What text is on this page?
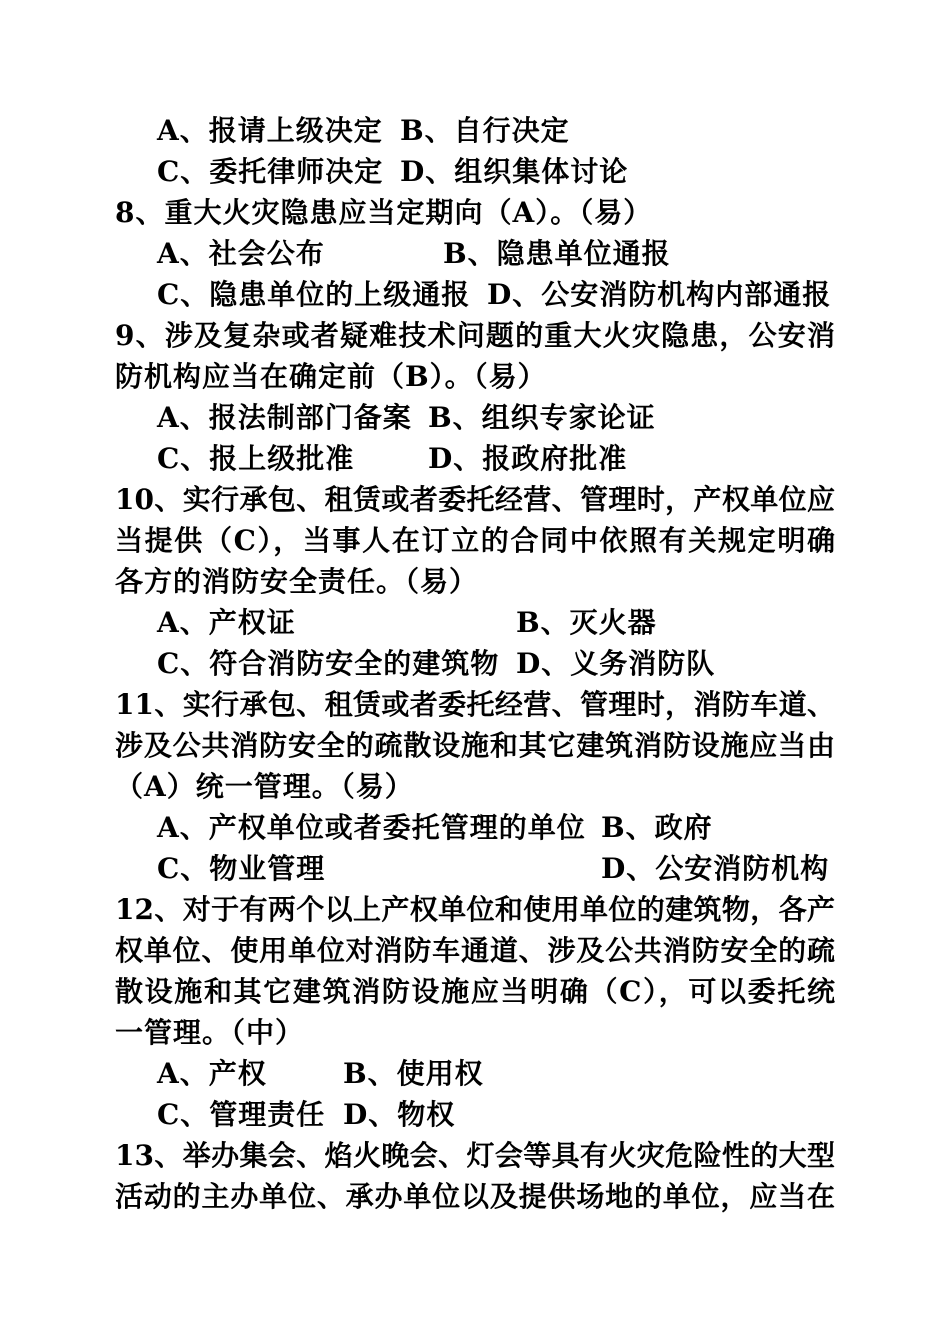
A、报请上级决定 B、自行决定
C、委托律师决定 D、组织集体讨论
8、重大火灾隐患应当定期向（A）。（易）
A、社会公布	B、隐患单位通报
C、隐患单位的上级通报 D、公安消防机构内部通报
9、涉及复杂或者疑难技术问题的重大火灾隐患，公安消
防机构应当在确定前（B）。（易）
A、报法制部门备案 B、组织专家论证
C、报上级批准	D、报政府批准
10、实行承包、租赁或者委托经营、管理时，产权单位应
当提供（C），当事人在订立的合同中依照有关规定明确
各方的消防安全责任。（易）
A、产权证	B、灭火器
C、符合消防安全的建筑物 D、义务消防队
11、实行承包、租赁或者委托经营、管理时，消防车道、
涉及公共消防安全的疏散设施和其它建筑消防设施应当由
（A）统一管理。（易）
A、产权单位或者委托管理的单位 B、政府
C、物业管理	D、公安消防机构
12、对于有两个以上产权单位和使用单位的建筑物，各产
权单位、使用单位对消防车通道、涉及公共消防安全的疏
散设施和其它建筑消防设施应当明确（C），可以委托统
一管理。（中）
A、产权	B、使用权
C、管理责任 D、物权
13、举办集会、焰火晚会、灯会等具有火灾危险性的大型
活动的主办单位、承办单位以及提供场地的单位，应当在
